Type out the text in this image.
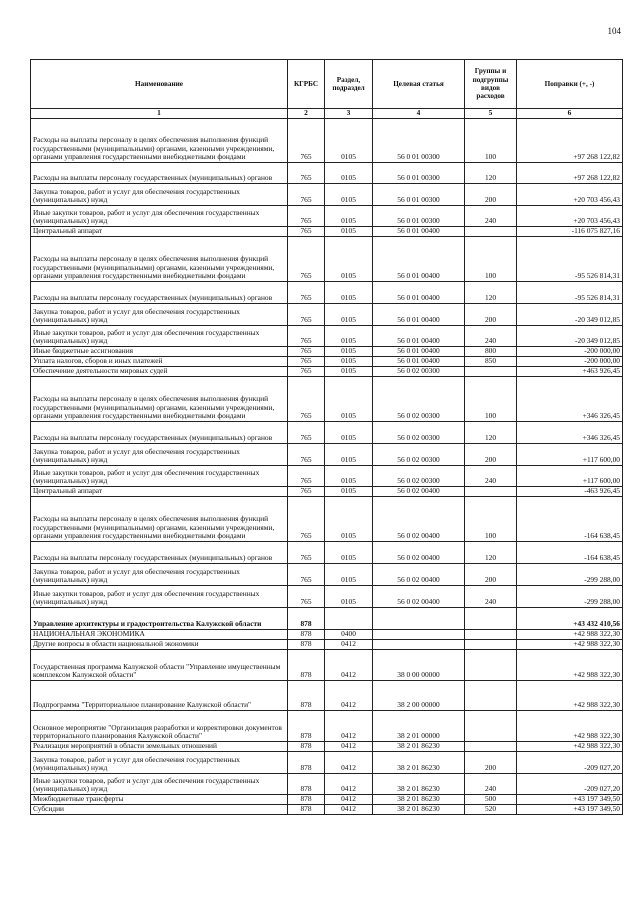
104
Наименование	КГРБС	Раздел, подраздел	Целевая статья	Группы и подгруппы видов расходов	Поправки (+, -)
1	2	3	4	5	6
Расходы на выплаты персоналу в целях обеспечения выполнения функций государственными (муниципальными) органами, казенными учреждениями, органами управления государственными внебюджетными фондами	765	0105	56 0 01 00300	100	+97 268 122,82
Расходы на выплаты персоналу государственных (муниципальных) органов	765	0105	56 0 01 00300	120	+97 268 122,82
Закупка товаров, работ и услуг для обеспечения государственных (муниципальных) нужд	765	0105	56 0 01 00300	200	+20 703 456,43
Иные закупки товаров, работ и услуг для обеспечения государственных (муниципальных) нужд	765	0105	56 0 01 00300	240	+20 703 456,43
Центральный аппарат	765	0105	56 0 01 00400		-116 075 827,16
Расходы на выплаты персоналу в целях обеспечения выполнения функций государственными (муниципальными) органами, казенными учреждениями, органами управления государственными внебюджетными фондами	765	0105	56 0 01 00400	100	-95 526 814,31
Расходы на выплаты персоналу государственных (муниципальных) органов	765	0105	56 0 01 00400	120	-95 526 814,31
Закупка товаров, работ и услуг для обеспечения государственных (муниципальных) нужд	765	0105	56 0 01 00400	200	-20 349 012,85
Иные закупки товаров, работ и услуг для обеспечения государственных (муниципальных) нужд	765	0105	56 0 01 00400	240	-20 349 012,85
Иные бюджетные ассигнования	765	0105	56 0 01 00400	800	-200 000,00
Уплата налогов, сборов и иных платежей	765	0105	56 0 01 00400	850	-200 000,00
Обеспечение деятельности мировых судей	765	0105	56 0 02 00300		+463 926,45
Расходы на выплаты персоналу в целях обеспечения выполнения функций государственными (муниципальными) органами, казенными учреждениями, органами управления государственными внебюджетными фондами	765	0105	56 0 02 00300	100	+346 326,45
Расходы на выплаты персоналу государственных (муниципальных) органов	765	0105	56 0 02 00300	120	+346 326,45
Закупка товаров, работ и услуг для обеспечения государственных (муниципальных) нужд	765	0105	56 0 02 00300	200	+117 600,00
Иные закупки товаров, работ и услуг для обеспечения государственных (муниципальных) нужд	765	0105	56 0 02 00300	240	+117 600,00
Центральный аппарат	765	0105	56 0 02 00400		-463 926,45
Расходы на выплаты персоналу в целях обеспечения выполнения функций государственными (муниципальными) органами, казенными учреждениями, органами управления государственными внебюджетными фондами	765	0105	56 0 02 00400	100	-164 638,45
Расходы на выплаты персоналу государственных (муниципальных) органов	765	0105	56 0 02 00400	120	-164 638,45
Закупка товаров, работ и услуг для обеспечения государственных (муниципальных) нужд	765	0105	56 0 02 00400	200	-299 288,00
Иные закупки товаров, работ и услуг для обеспечения государственных (муниципальных) нужд	765	0105	56 0 02 00400	240	-299 288,00
Управление архитектуры и градостроительства Калужской области	878				+43 432 410,56
НАЦИОНАЛЬНАЯ ЭКОНОМИКА	878	0400			+42 988 322,30
Другие вопросы в области национальной экономики	878	0412			+42 988 322,30
Государственная программа Калужской области "Управление имущественным комплексом Калужской области"	878	0412	38 0 00 00000		+42 988 322,30
Подпрограмма "Территориальное планирование Калужской области"	878	0412	38 2 00 00000		+42 988 322,30
Основное мероприятие "Организация разработки и корректировки документов территориального планирования Калужской области"	878	0412	38 2 01 00000		+42 988 322,30
Реализация мероприятий в области земельных отношений	878	0412	38 2 01 86230		+42 988 322,30
Закупка товаров, работ и услуг для обеспечения государственных (муниципальных) нужд	878	0412	38 2 01 86230	200	-209 027,20
Иные закупки товаров, работ и услуг для обеспечения государственных (муниципальных) нужд	878	0412	38 2 01 86230	240	-209 027,20
Межбюджетные трансферты	878	0412	38 2 01 86230	500	+43 197 349,50
Субсидии	878	0412	38 2 01 86230	520	+43 197 349,50
